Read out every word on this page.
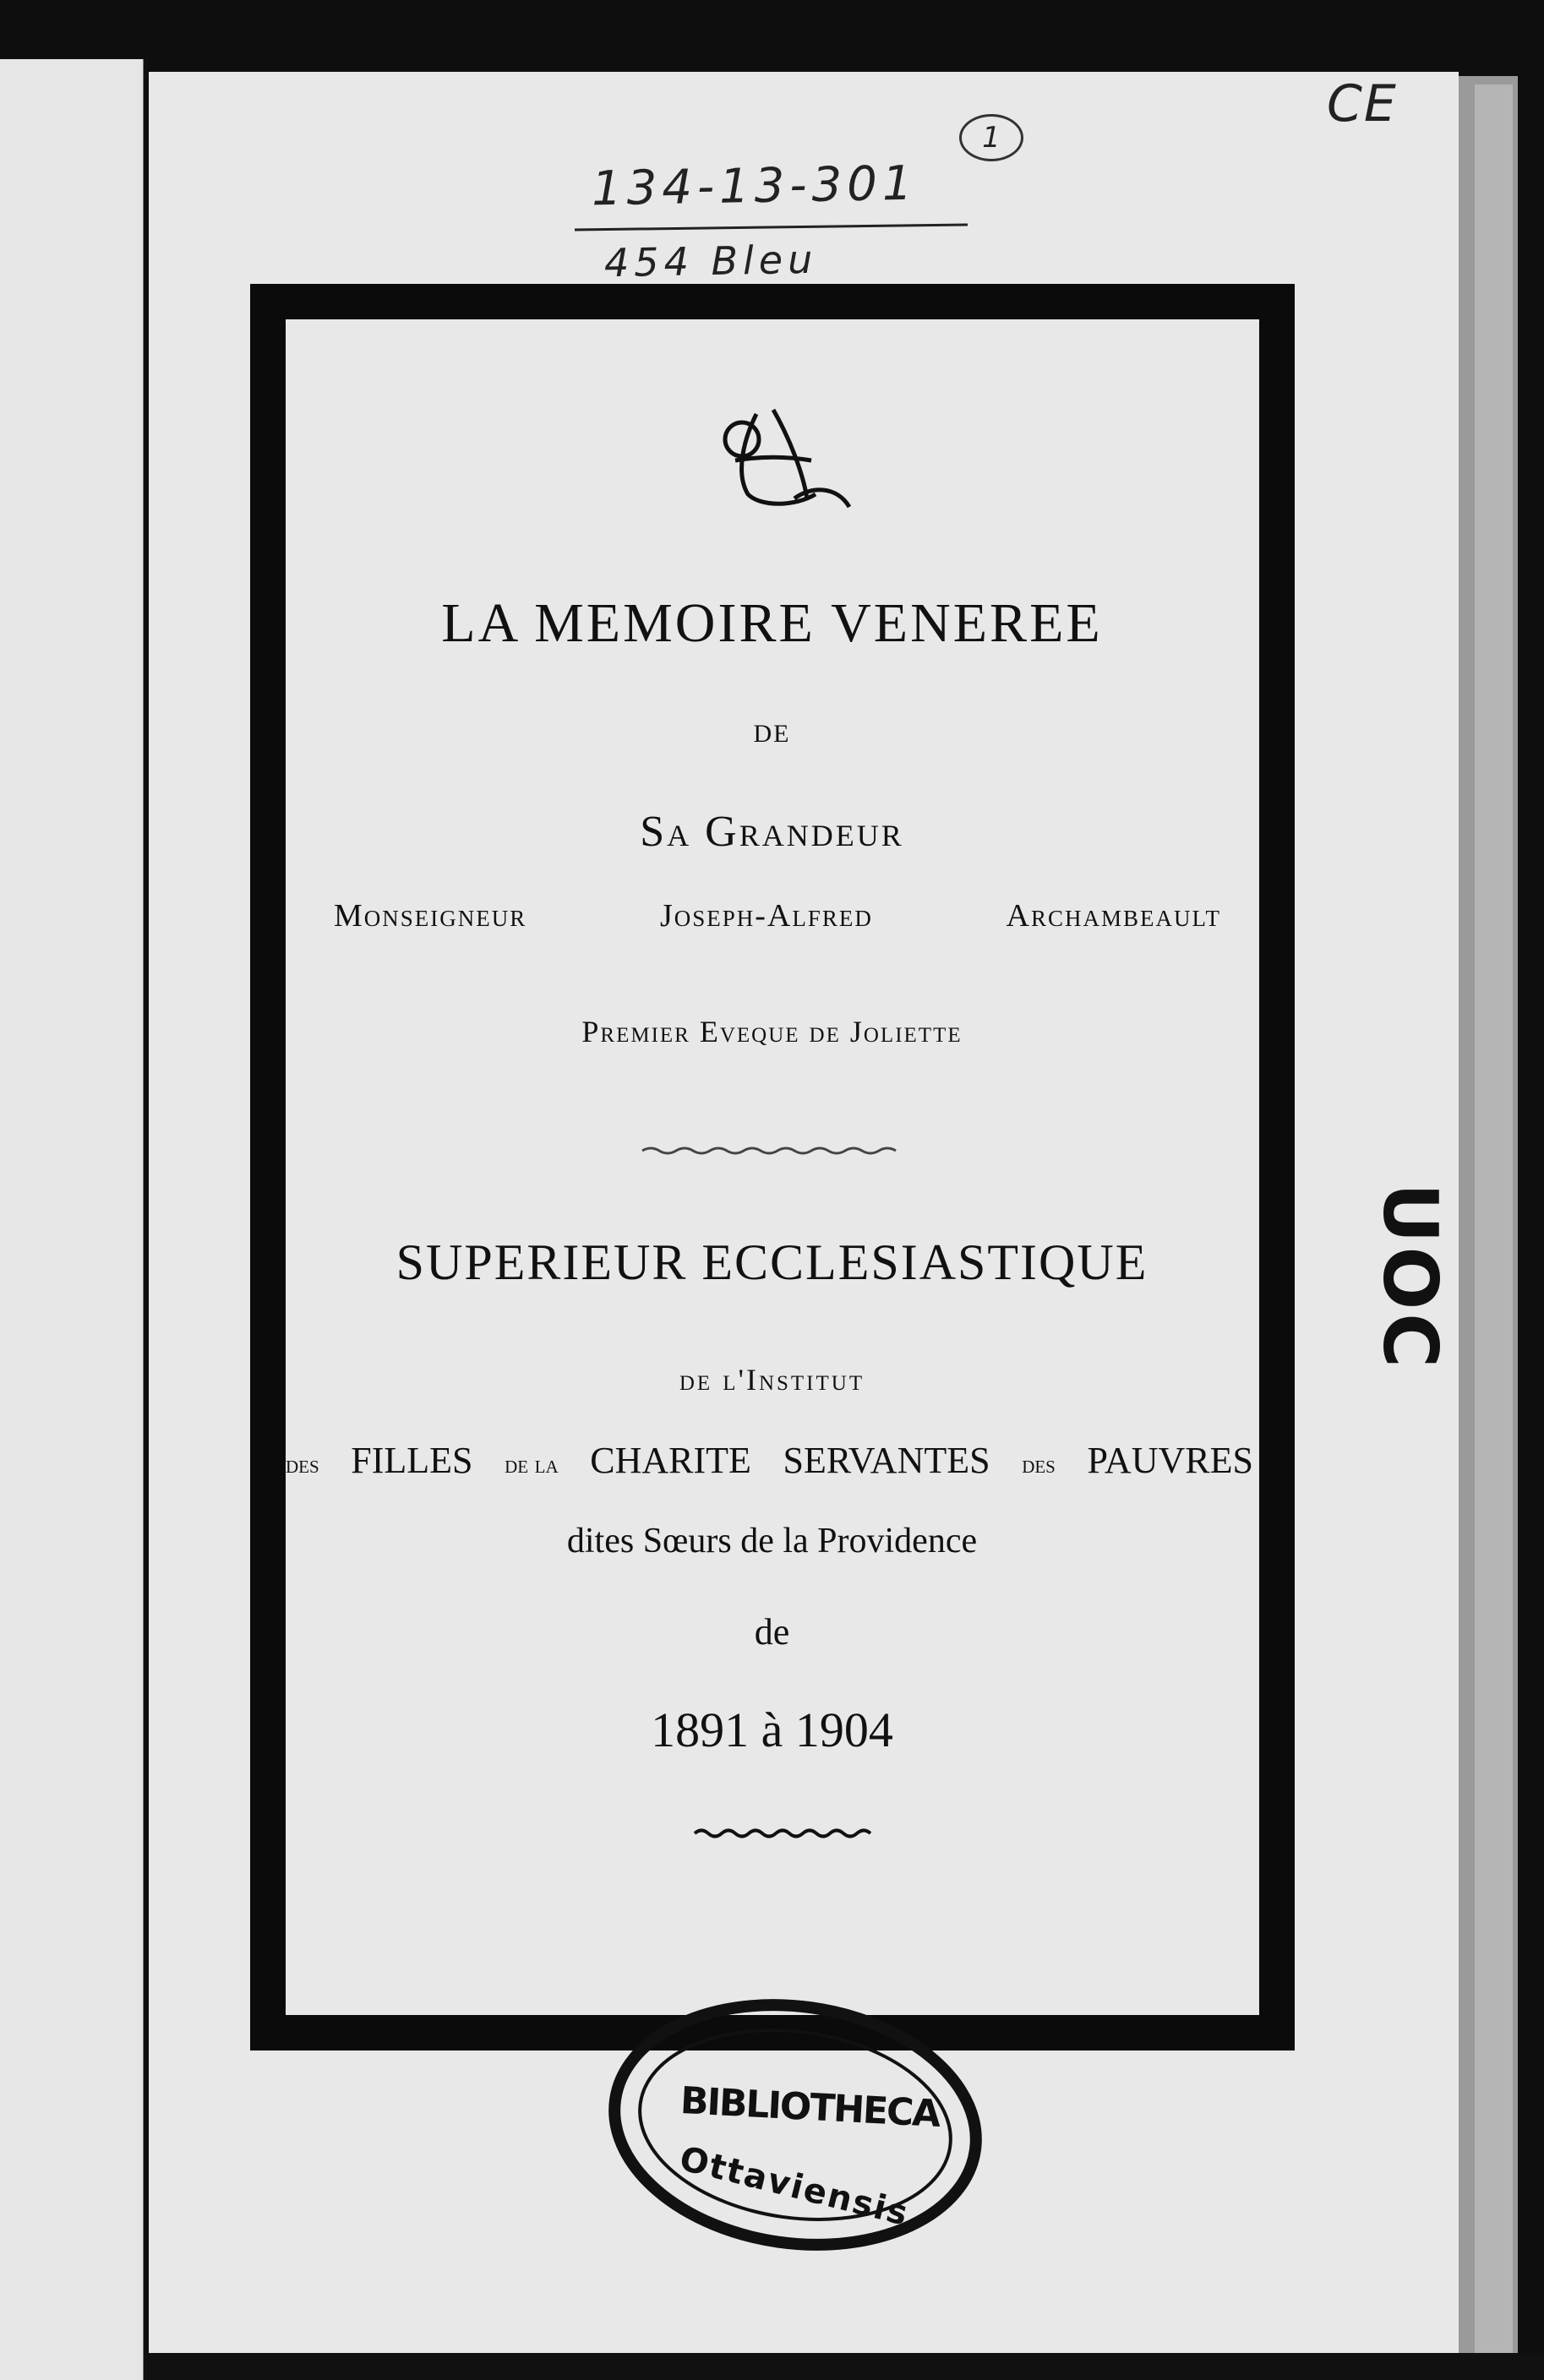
134-13-301
454 Bleu
1
CE
UOC
LA MEMOIRE VENEREE
DE
Sa Grandeur
Monseigneur	Joseph-Alfred	Archambeault
Premier Eveque de Joliette
SUPERIEUR ECCLESIASTIQUE
de l'Institut
des FILLES de la CHARITE SERVANTES des PAUVRES
dites Sœurs de la Providence
de
1891 à 1904
BIBLIOTHECA
Ottaviensis
